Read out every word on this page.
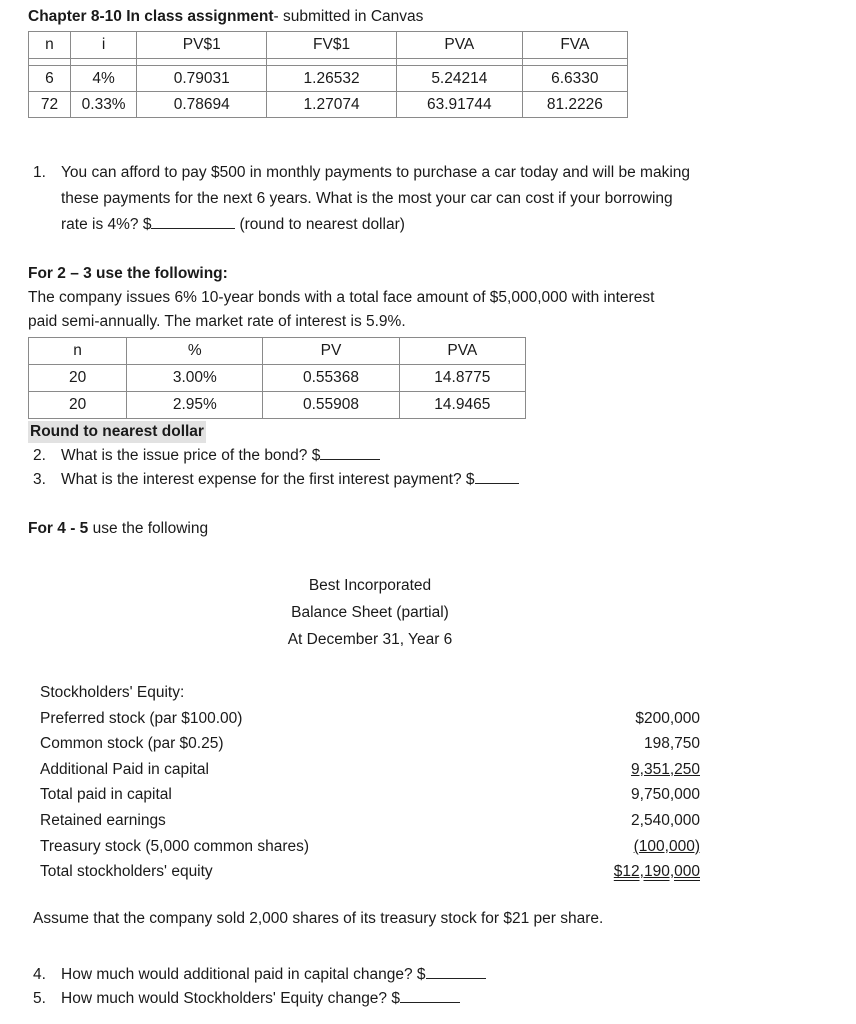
Chapter 8-10 In class assignment- submitted in Canvas
n	i	PV$1	FV$1	PVA	FVA

6	4%	0.79031	1.26532	5.24214	6.6330
72	0.33%	0.78694	1.27074	63.91744	81.2226
1. You can afford to pay $500 in monthly payments to purchase a car today and will be making
these payments for the next 6 years. What is the most your car can cost if your borrowing
rate is 4%? $	(round to nearest dollar)
For 2 – 3 use the following:
The company issues 6% 10-year bonds with a total face amount of $5,000,000 with interest
paid semi-annually. The market rate of interest is 5.9%.
n	%	PV	PVA
20	3.00%	0.55368	14.8775
20	2.95%	0.55908	14.9465
Round to nearest dollar
2. What is the issue price of the bond? $
3. What is the interest expense for the first interest payment? $
For 4 - 5 use the following
Best Incorporated
Balance Sheet (partial)
At December 31, Year 6
Stockholders' Equity:
Preferred stock (par $100.00)	$200,000
Common stock (par $0.25)	198,750
Additional Paid in capital	9,351,250
Total paid in capital	9,750,000
Retained earnings	2,540,000
Treasury stock (5,000 common shares)	(100,000)
Total stockholders' equity	$12,190,000
Assume that the company sold 2,000 shares of its treasury stock for $21 per share.
4. How much would additional paid in capital change? $
5. How much would Stockholders' Equity change? $
